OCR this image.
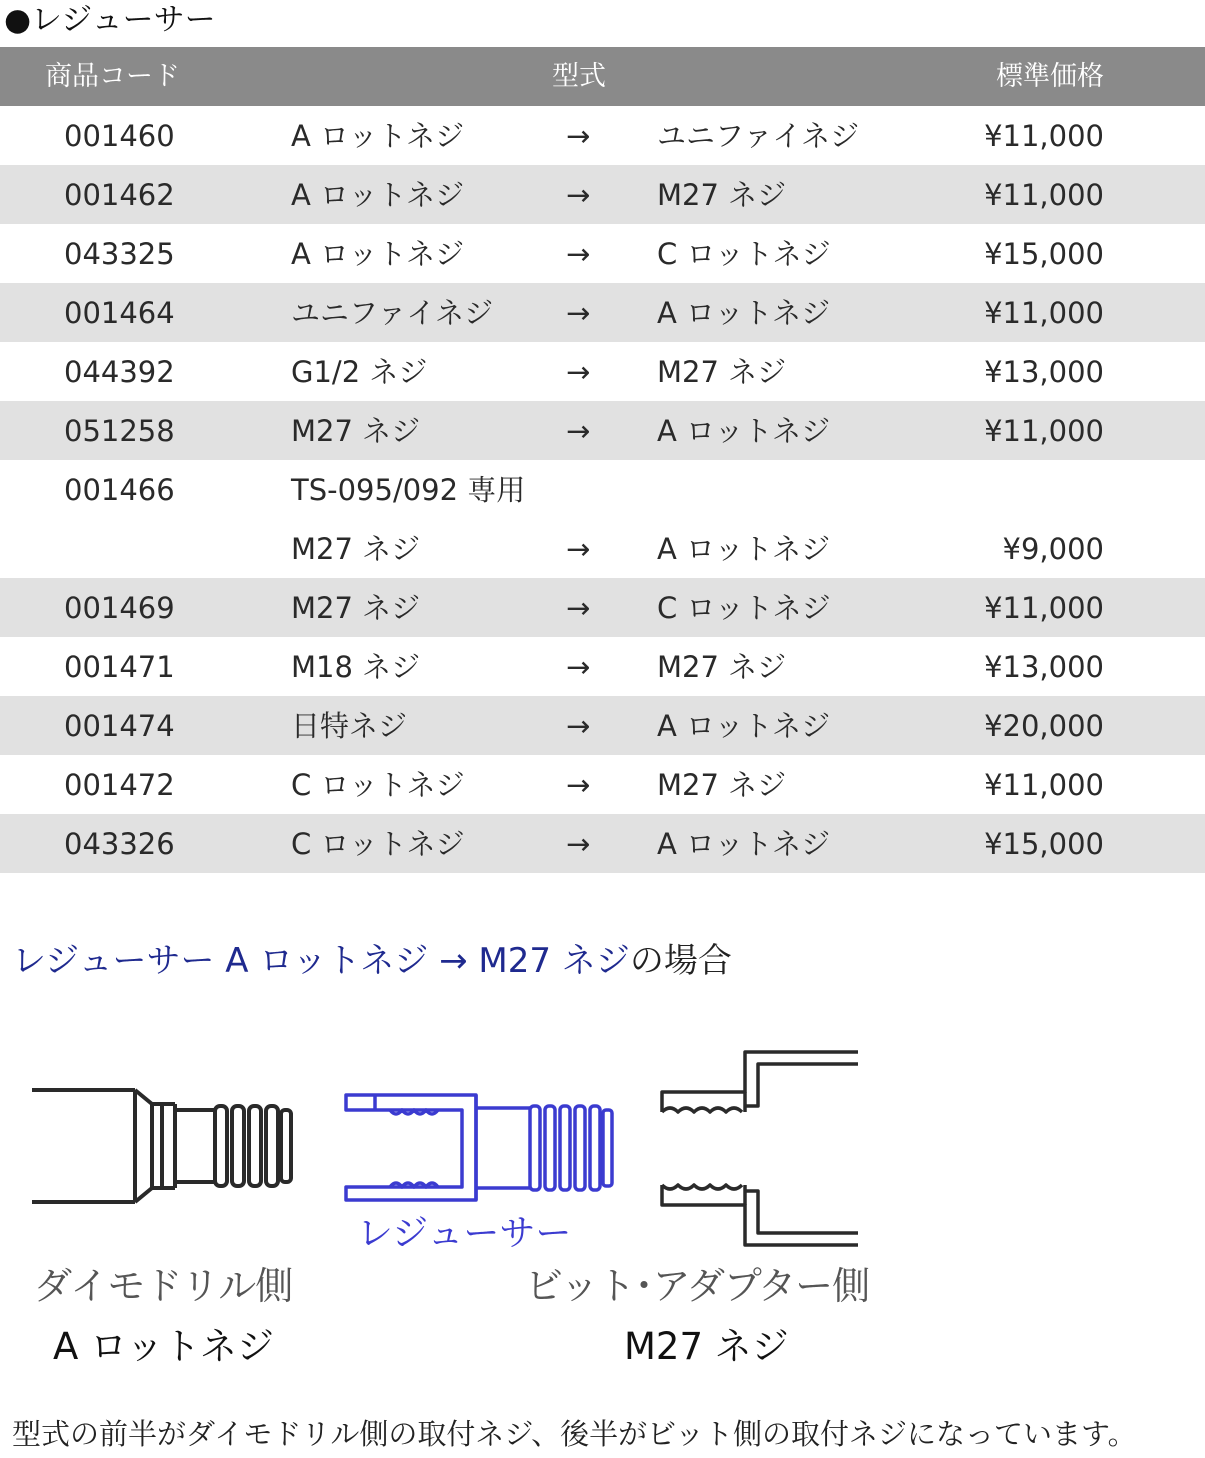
●レジューサー
商品コード	型式	標準価格
001460	A ロットネジ	→ ユニファイネジ	¥11,000
001462	A ロットネジ	→ M27 ネジ	¥11,000
043325	A ロットネジ	→ C ロットネジ	¥15,000
001464	ユニファイネジ	→ A ロットネジ	¥11,000
044392	G1/2 ネジ	→ M27 ネジ	¥13,000
051258	M27 ネジ	→ A ロットネジ	¥11,000
001466	TS-095/092 専用
M27 ネジ	→ A ロットネジ	¥9,000
001469	M27 ネジ	→ C ロットネジ	¥11,000
001471	M18 ネジ	→ M27 ネジ	¥13,000
001474	日特ネジ	→ A ロットネジ	¥20,000
001472	C ロットネジ	→ M27 ネジ	¥11,000
043326	C ロットネジ	→ A ロットネジ	¥15,000
レジューサー A ロットネジ → M27 ネジの場合
レジューサー
ダイモドリル側	ビット･アダプター側
A ロットネジ	M27 ネジ
型式の前半がダイモドリル側の取付ネジ、後半がビット側の取付ネジになっています。
